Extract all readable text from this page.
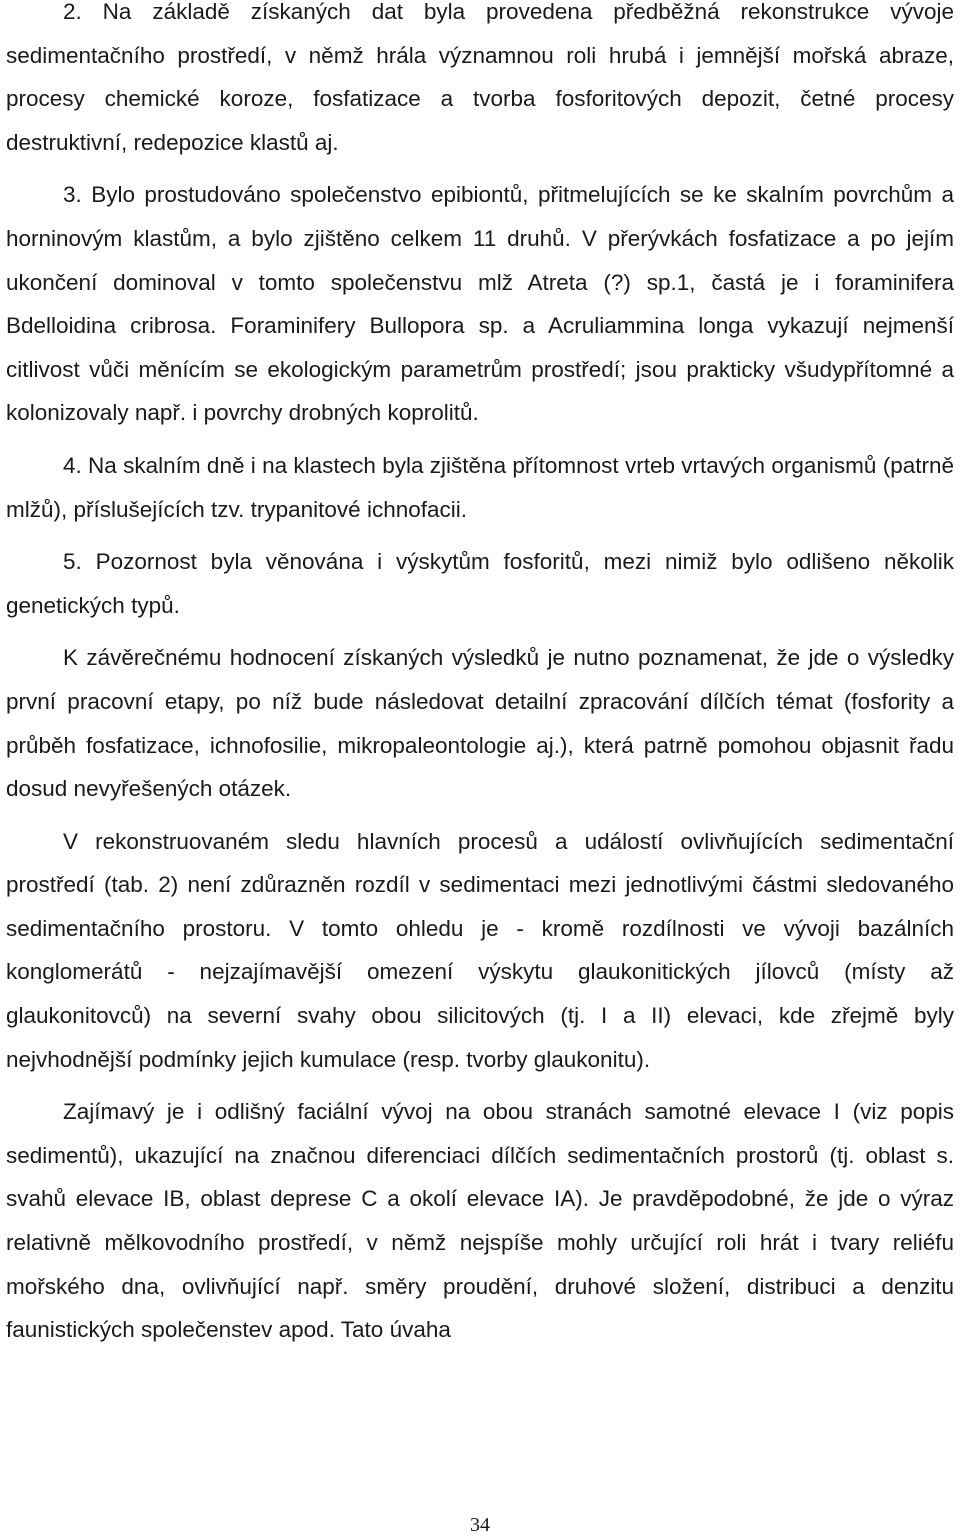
2. Na základě získaných dat byla provedena předběžná rekonstrukce vývoje sedimentačního prostředí, v němž hrála významnou roli hrubá i jemnější mořská abraze, procesy chemické koroze, fosfatizace a tvorba fosforitových depozit, četné procesy destruktivní, redepozice klastů aj.

3. Bylo prostudováno společenstvo epibiontů, přitmelujících se ke skalním povrchům a horninovým klastům, a bylo zjištěno celkem 11 druhů. V přerývkách fosfatizace a po jejím ukončení dominoval v tomto společenstvu mlž Atreta (?) sp.1, častá je i foraminifera Bdelloidina cribrosa. Foraminifery Bullopora sp. a Acruliammina longa vykazují nejmenší citlivost vůči měnícím se ekologickým parametrům prostředí; jsou prakticky všudypřítomné a kolonizovaly např. i povrchy drobných koprolitů.

4. Na skalním dně i na klastech byla zjištěna přítomnost vrteb vrtavých organismů (patrně mlžů), příslušejících tzv. trypanitové ichnofacii.

5. Pozornost byla věnována i výskytům fosforitů, mezi nimiž bylo odlišeno několik genetických typů.

K závěrečnému hodnocení získaných výsledků je nutno poznamenat, že jde o výsledky první pracovní etapy, po níž bude následovat detailní zpracování dílčích témat (fosfority a průběh fosfatizace, ichnofosilie, mikropaleontologie aj.), která patrně pomohou objasnit řadu dosud nevyřešených otázek.

V rekonstruovaném sledu hlavních procesů a událostí ovlivňujících sedimentační prostředí (tab. 2) není zdůrazněn rozdíl v sedimentaci mezi jednotlivými částmi sledovaného sedimentačního prostoru. V tomto ohledu je - kromě rozdílnosti ve vývoji bazálních konglomerátů - nejzajímavější omezení výskytu glaukonitických jílovců (místy až glaukonitovců) na severní svahy obou silicitových (tj. I a II) elevaci, kde zřejmě byly nejvhodnější podmínky jejich kumulace (resp. tvorby glaukonitu).

Zajímavý je i odlišný faciální vývoj na obou stranách samotné elevace I (viz popis sedimentů), ukazující na značnou diferenciaci dílčích sedimentačních prostorů (tj. oblast s. svahů elevace IB, oblast deprese C a okolí elevace IA). Je pravděpodobné, že jde o výraz relativně mělkovodního prostředí, v němž nejspíše mohly určující roli hrát i tvary reliéfu mořského dna, ovlivňující např. směry proudění, druhové složení, distribuci a denzitu faunistických společenstev apod. Tato úvaha

34
